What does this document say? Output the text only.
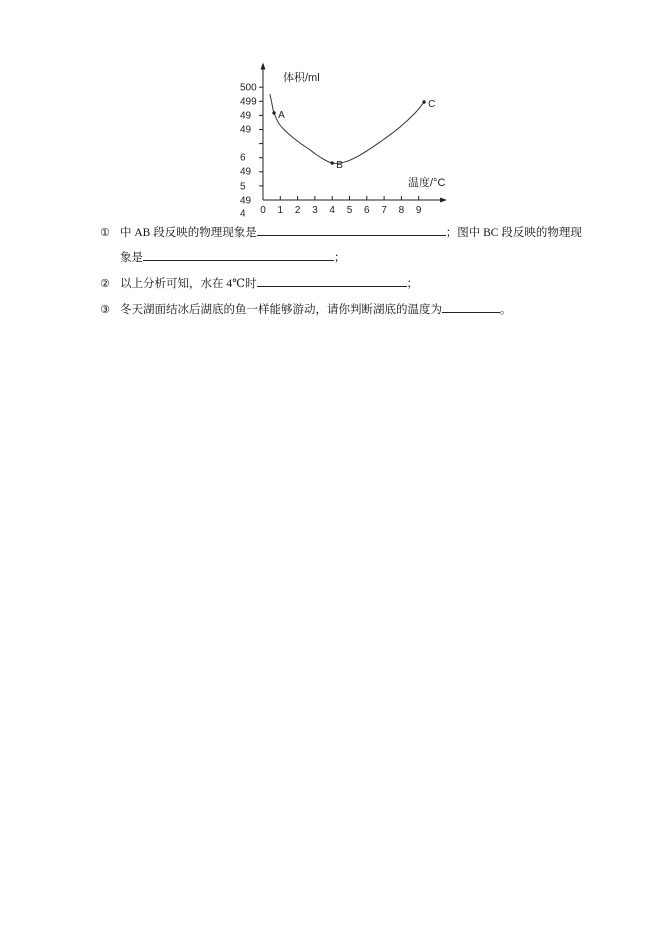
0 1 2 3 4 5 6 7 8 9
500
499
49
49
6
49
5
49
4
体积/ml
温度/°C
A
B
C
① 中 AB 段反映的物理现象是	；图中 BC 段反映的物理现
象是	；
② 以上分析可知，水在 4℃时	；
③ 冬天湖面结冰后湖底的鱼一样能够游动，请你判断湖底的温度为	。
